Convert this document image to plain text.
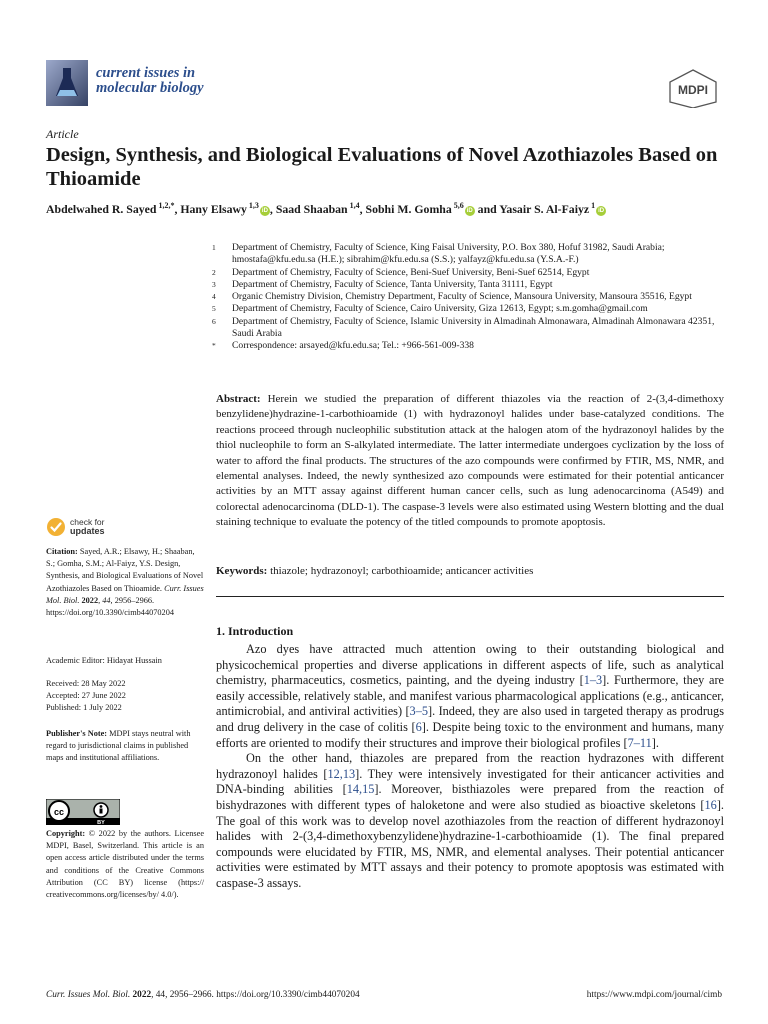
current issues in
molecular biology	MDPI
Article
Design, Synthesis, and Biological Evaluations of Novel Azothiazoles Based on Thioamide
Abdelwahed R. Sayed $^{1,2,*}$, Hany Elsawy $^{1,3}$iD , Saad Shaaban $^{1,4}$, Sobhi M. Gomha $^{5,6}$iD and Yasair S. Al-Faiyz $^1$iD
1	Department of Chemistry, Faculty of Science, King Faisal University, P.O. Box 380, Hofuf 31982, Saudi Arabia; hmostafa@kfu.edu.sa (H.E.); sibrahim@kfu.edu.sa (S.S.); yalfayz@kfu.edu.sa (Y.S.A.-F.)
2	Department of Chemistry, Faculty of Science, Beni-Suef University, Beni-Suef 62514, Egypt
3	Department of Chemistry, Faculty of Science, Tanta University, Tanta 31111, Egypt
4	Organic Chemistry Division, Chemistry Department, Faculty of Science, Mansoura University, Mansoura 35516, Egypt
5	Department of Chemistry, Faculty of Science, Cairo University, Giza 12613, Egypt; s.m.gomha@gmail.com
6	Department of Chemistry, Faculty of Science, Islamic University in Almadinah Almonawara, Almadinah Almonawara 42351, Saudi Arabia
*	Correspondence: arsayed@kfu.edu.sa; Tel.: +966-561-009-338
Abstract: Herein we studied the preparation of different thiazoles via the reaction of 2-(3,4-dimethoxy benzylidene)hydrazine-1-carbothioamide (1) with hydrazonoyl halides under base-catalyzed conditions. The reactions proceed through nucleophilic substitution attack at the halogen atom of the hydrazonoyl halides by the thiol nucleophile to form an S-alkylated intermediate. The latter intermediate undergoes cyclization by the loss of water to afford the final products. The structures of the azo compounds were confirmed by FTIR, MS, NMR, and elemental analyses. Indeed, the newly synthesized azo compounds were estimated for their potential anticancer activities by an MTT assay against different human cancer cells, such as lung adenocarcinoma (A549) and colorectal adenocarcinoma (DLD-1). The caspase-3 levels were also estimated using Western blotting and the dual staining technique to evaluate the potency of the titled compounds to promote apoptosis.
Keywords: thiazole; hydrazonoyl; carbothioamide; anticancer activities
check for
updates
Citation: Sayed, A.R.; Elsawy, H.; Shaaban, S.; Gomha, S.M.; Al-Faiyz, Y.S. Design, Synthesis, and Biological Evaluations of Novel Azothiazoles Based on Thioamide. Curr. Issues Mol. Biol. 2022, 44, 2956–2966. https://doi.org/10.3390/cimb44070204
Academic Editor: Hidayat Hussain
Received: 28 May 2022
Accepted: 27 June 2022
Published: 1 July 2022
Publisher's Note: MDPI stays neutral with regard to jurisdictional claims in published maps and institutional affiliations.
cc
BY
Copyright: © 2022 by the authors. Licensee MDPI, Basel, Switzerland. This article is an open access article distributed under the terms and conditions of the Creative Commons Attribution (CC BY) license (https:// creativecommons.org/licenses/by/ 4.0/).
1. Introduction

Azo dyes have attracted much attention owing to their outstanding biological and physicochemical properties and diverse applications in different aspects of life, such as analytical chemistry, pharmaceutics, cosmetics, painting, and the dyeing industry [1–3]. Furthermore, they are easily accessible, relatively stable, and manifest various pharmacological applications (e.g., anticancer, antimicrobial, and antiviral activities) [3–5]. Indeed, they are also used in targeted therapy as prodrugs and drug delivery in the case of colitis [6]. Despite being toxic to the environment and humans, many efforts are oriented to modify their structures and improve their biological profiles [7–11].

On the other hand, thiazoles are prepared from the reaction hydrazones with different hydrazonoyl halides [12,13]. They were intensively investigated for their anticancer activities and DNA-binding abilities [14,15]. Moreover, bisthiazoles were prepared from the reaction of bishydrazones with different types of haloketone and were also studied as bioactive skeletons [16]. The goal of this work was to develop novel azothiazoles from the reaction of different hydrazonoyl halides with 2-(3,4-dimethoxybenzylidene)hydrazine-1-carbothioamide (1). The final prepared compounds were elucidated by FTIR, MS, NMR, and elemental analyses. Their potential anticancer activities were estimated by MTT assays and their potency to promote apoptosis was estimated with caspase-3 assays.

Curr. Issues Mol. Biol. 2022, 44, 2956–2966. https://doi.org/10.3390/cimb44070204	https://www.mdpi.com/journal/cimb
